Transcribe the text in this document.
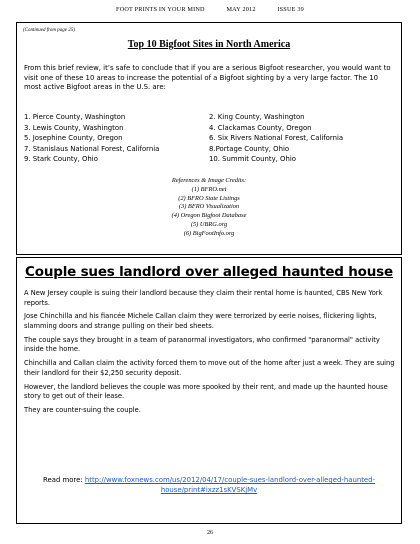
FOOT PRINTS IN YOUR MIND	MAY 2012	ISSUE 39
(Continued from page 25)
Top 10 Bigfoot Sites in North America
From this brief review, it’s safe to conclude that if you are a serious Bigfoot researcher, you would want to visit one of these 10 areas to increase the potential of a Bigfoot sighting by a very large factor. The 10 most active Bigfoot areas in the U.S. are:
1. Pierce County, Washington	2. King County, Washington
3. Lewis County, Washington	4. Clackamas County, Oregon
5. Josephine County, Oregon	6. Six Rivers National Forest, California
7. Stanislaus National Forest, California	8.Portage County, Ohio
9. Stark County, Ohio	10. Summit County, Ohio
References & Image Credits:
(1) BFRO.net
(2) BFRO State Listings
(3) BFRO Visualization
(4) Oregon Bigfoot Database
(5) UBRG.org
(6) BigFootInfo.org
Couple sues landlord over alleged haunted house

A New Jersey couple is suing their landlord because they claim their rental home is haunted, CBS New York reports.

Jose Chinchilla and his fiancée Michele Callan claim they were terrorized by eerie noises, flickering lights, slamming doors and strange pulling on their bed sheets.

The couple says they brought in a team of paranormal investigators, who confirmed "paranormal" activity inside the home.

Chinchilla and Callan claim the activity forced them to move out of the home after just a week. They are suing their landlord for their $2,250 security deposit.

However, the landlord believes the couple was more spooked by their rent, and made up the haunted house story to get out of their lease.

They are counter-suing the couple.

Read more: http://www.foxnews.com/us/2012/04/17/couple-sues-landlord-over-alleged-haunted-house/print#ixzz1sKVSKjMv
26
